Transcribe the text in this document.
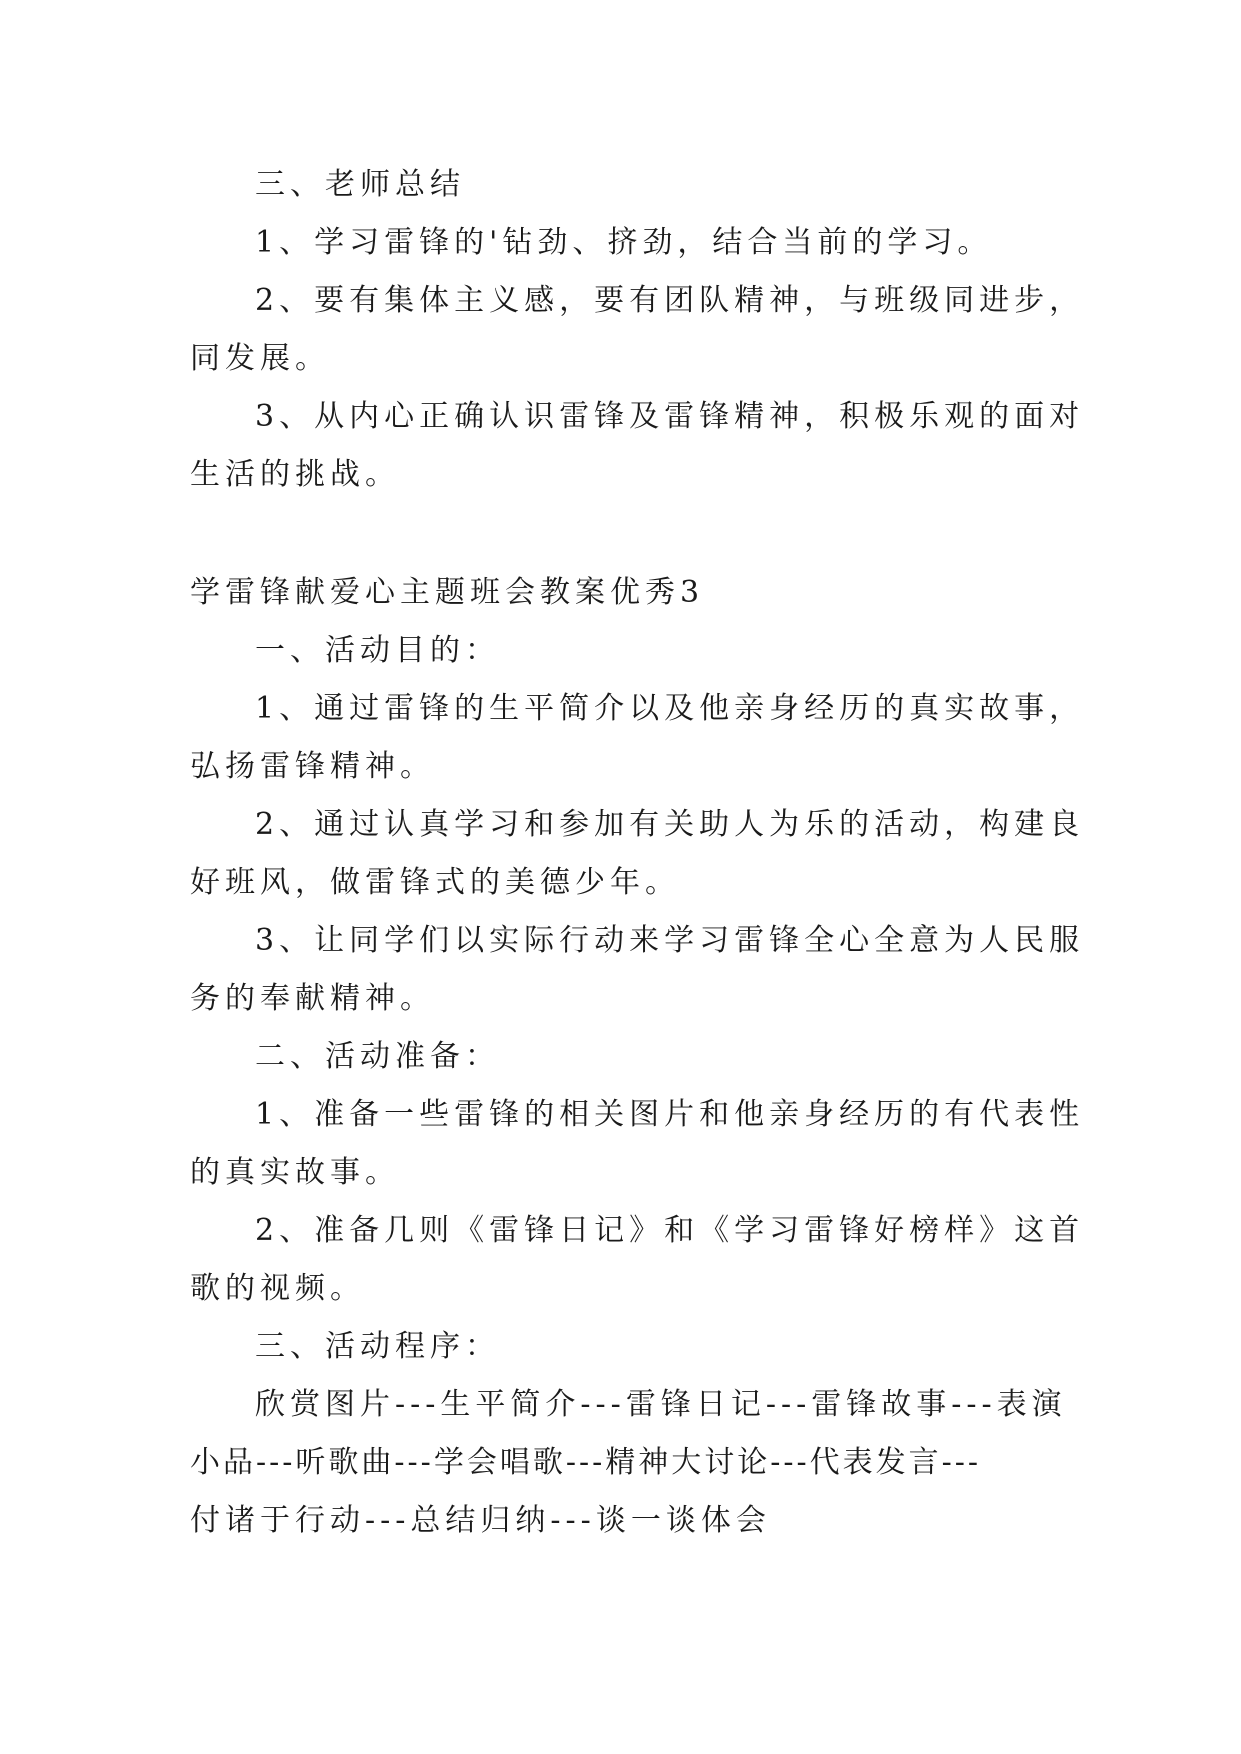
三、老师总结
1、学习雷锋的'钻劲、挤劲，结合当前的学习。
2、要有集体主义感，要有团队精神，与班级同进步，
同发展。
3、从内心正确认识雷锋及雷锋精神，积极乐观的面对
生活的挑战。
学雷锋献爱心主题班会教案优秀3
一、活动目的：
1、通过雷锋的生平简介以及他亲身经历的真实故事，
弘扬雷锋精神。
2、通过认真学习和参加有关助人为乐的活动，构建良
好班风，做雷锋式的美德少年。
3、让同学们以实际行动来学习雷锋全心全意为人民服
务的奉献精神。
二、活动准备：
1、准备一些雷锋的相关图片和他亲身经历的有代表性
的真实故事。
2、准备几则《雷锋日记》和《学习雷锋好榜样》这首
歌的视频。
三、活动程序：
欣赏图片---生平简介---雷锋日记---雷锋故事---表演
小品---听歌曲---学会唱歌---精神大讨论---代表发言---
付诸于行动---总结归纳---谈一谈体会
